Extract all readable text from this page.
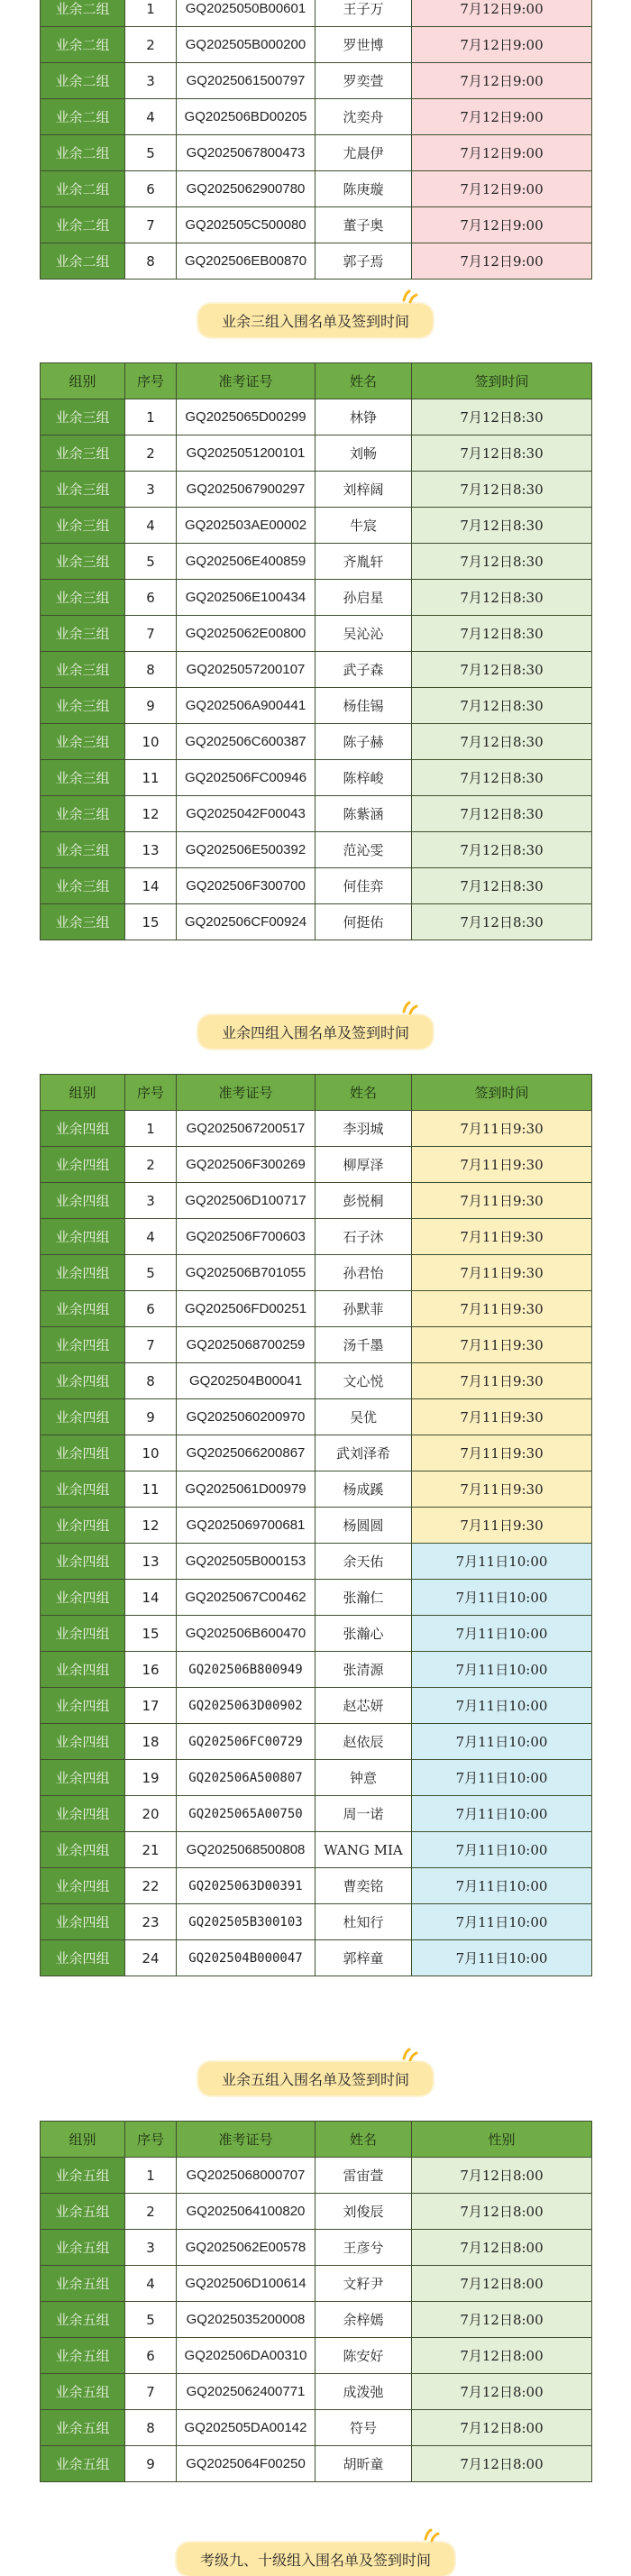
业余二组	1	GQ2025050B00601	王子万	7月12日9:00
业余二组	2	GQ202505B000200	罗世博	7月12日9:00
业余二组	3	GQ2025061500797	罗奕萱	7月12日9:00
业余二组	4	GQ202506BD00205	沈奕舟	7月12日9:00
业余二组	5	GQ2025067800473	尤晨伊	7月12日9:00
业余二组	6	GQ2025062900780	陈庚璇	7月12日9:00
业余二组	7	GQ202505C500080	董子奥	7月12日9:00
业余二组	8	GQ202506EB00870	郭子焉	7月12日9:00
业余三组入围名单及签到时间
组别	序号	准考证号	姓名	签到时间
业余三组	1	GQ2025065D00299	林铮	7月12日8:30
业余三组	2	GQ2025051200101	刘畅	7月12日8:30
业余三组	3	GQ2025067900297	刘梓阔	7月12日8:30
业余三组	4	GQ202503AE00002	牛宸	7月12日8:30
业余三组	5	GQ202506E400859	齐胤轩	7月12日8:30
业余三组	6	GQ202506E100434	孙启星	7月12日8:30
业余三组	7	GQ2025062E00800	吴沁沁	7月12日8:30
业余三组	8	GQ2025057200107	武子森	7月12日8:30
业余三组	9	GQ202506A900441	杨佳锡	7月12日8:30
业余三组	10	GQ202506C600387	陈子赫	7月12日8:30
业余三组	11	GQ202506FC00946	陈梓峻	7月12日8:30
业余三组	12	GQ2025042F00043	陈紫涵	7月12日8:30
业余三组	13	GQ202506E500392	范沁雯	7月12日8:30
业余三组	14	GQ202506F300700	何佳弈	7月12日8:30
业余三组	15	GQ202506CF00924	何挺佑	7月12日8:30
业余四组入围名单及签到时间
组别	序号	准考证号	姓名	签到时间
业余四组	1	GQ2025067200517	李羽城	7月11日9:30
业余四组	2	GQ202506F300269	柳厚泽	7月11日9:30
业余四组	3	GQ202506D100717	彭悦桐	7月11日9:30
业余四组	4	GQ202506F700603	石子沐	7月11日9:30
业余四组	5	GQ202506B701055	孙君怡	7月11日9:30
业余四组	6	GQ202506FD00251	孙默菲	7月11日9:30
业余四组	7	GQ2025068700259	汤千墨	7月11日9:30
业余四组	8	GQ202504B00041	文心悦	7月11日9:30
业余四组	9	GQ2025060200970	吴优	7月11日9:30
业余四组	10	GQ2025066200867	武刘泽希	7月11日9:30
业余四组	11	GQ2025061D00979	杨成蹊	7月11日9:30
业余四组	12	GQ2025069700681	杨圆圆	7月11日9:30
业余四组	13	GQ202505B000153	余天佑	7月11日10:00
业余四组	14	GQ2025067C00462	张瀚仁	7月11日10:00
业余四组	15	GQ202506B600470	张瀚心	7月11日10:00
业余四组	16	GQ202506B800949	张清源	7月11日10:00
业余四组	17	GQ2025063D00902	赵芯妍	7月11日10:00
业余四组	18	GQ202506FC00729	赵依辰	7月11日10:00
业余四组	19	GQ202506A500807	钟意	7月11日10:00
业余四组	20	GQ2025065A00750	周一诺	7月11日10:00
业余四组	21	GQ2025068500808	WANG MIA	7月11日10:00
业余四组	22	GQ2025063D00391	曹奕铭	7月11日10:00
业余四组	23	GQ202505B300103	杜知行	7月11日10:00
业余四组	24	GQ202504B000047	郭梓童	7月11日10:00
业余五组入围名单及签到时间
组别	序号	准考证号	姓名	性别
业余五组	1	GQ2025068000707	雷宙萱	7月12日8:00
业余五组	2	GQ2025064100820	刘俊辰	7月12日8:00
业余五组	3	GQ2025062E00578	王彦兮	7月12日8:00
业余五组	4	GQ202506D100614	文籽尹	7月12日8:00
业余五组	5	GQ2025035200008	余梓嫣	7月12日8:00
业余五组	6	GQ202506DA00310	陈安好	7月12日8:00
业余五组	7	GQ2025062400771	成泼弛	7月12日8:00
业余五组	8	GQ202505DA00142	符号	7月12日8:00
业余五组	9	GQ2025064F00250	胡昕童	7月12日8:00
考级九、十级组入围名单及签到时间
